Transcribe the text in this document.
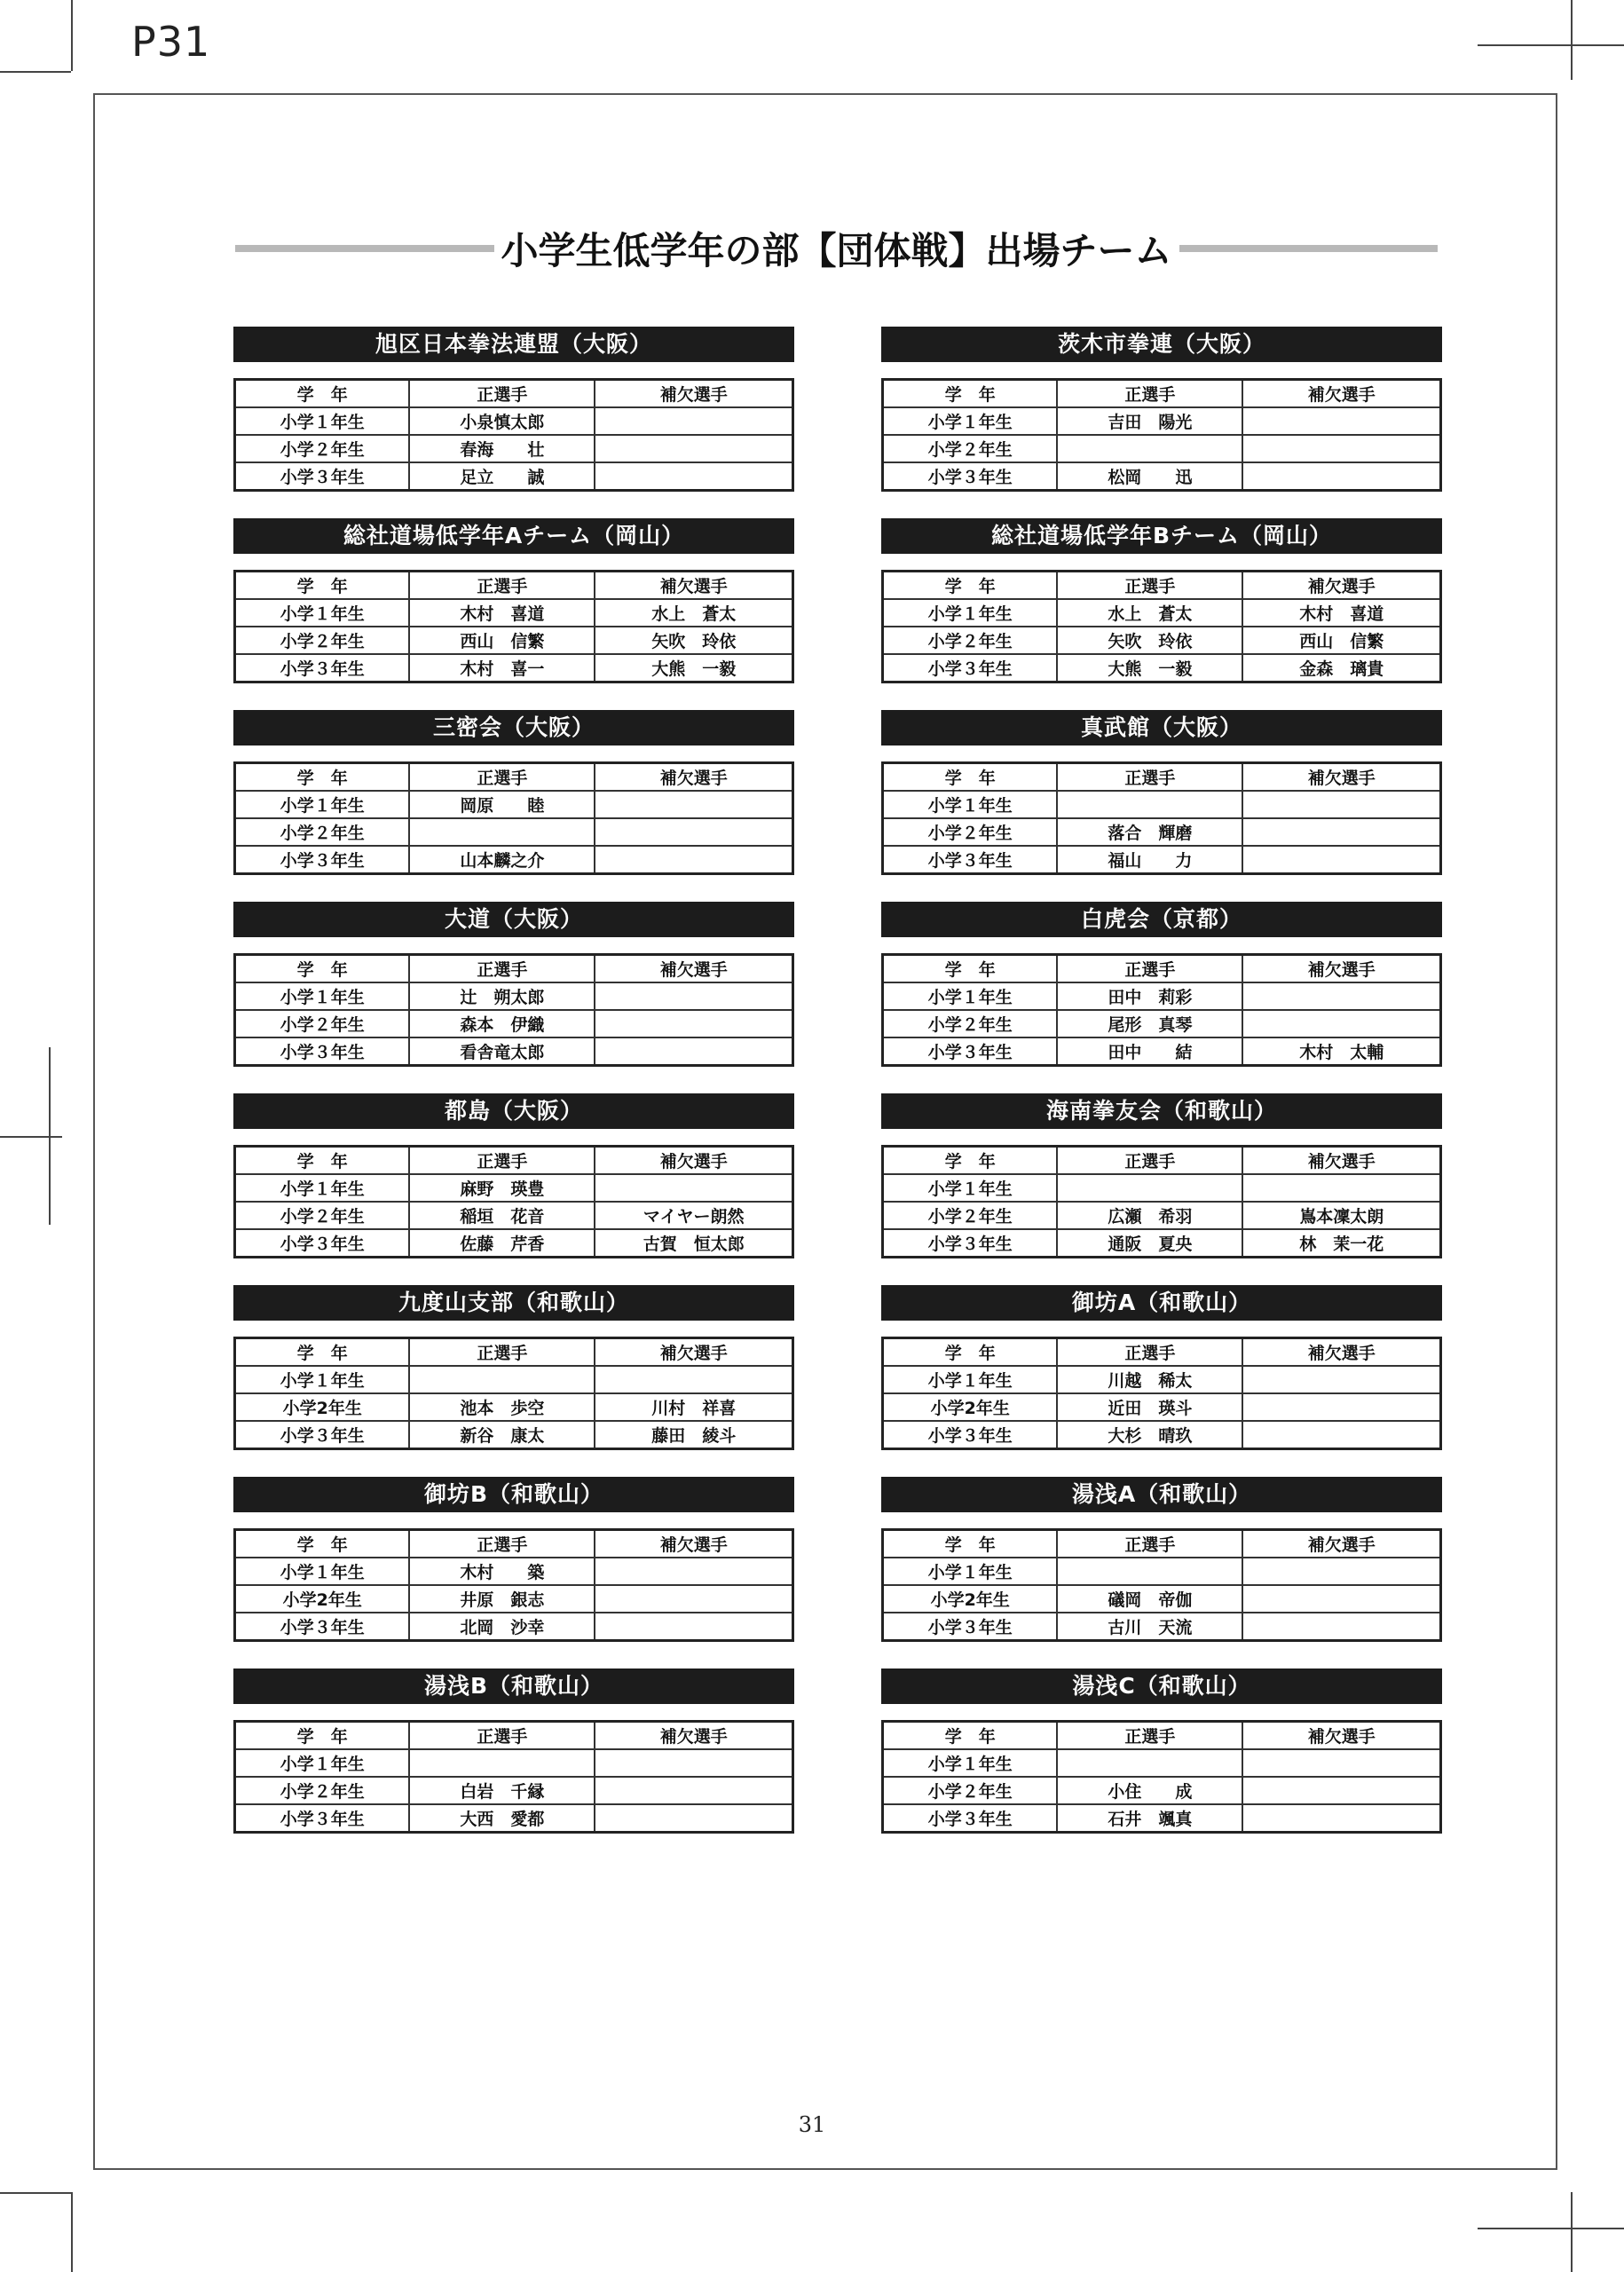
P31
小学生低学年の部【団体戦】出場チーム
旭区日本拳法連盟（大阪）
学　年	正選手	補欠選手
小学１年生	小泉慎太郎	
小学２年生	春海　　壮	
小学３年生	足立　　誠	
茨木市拳連（大阪）
学　年	正選手	補欠選手
小学１年生	吉田　陽光	
小学２年生		
小学３年生	松岡　　迅	
総社道場低学年Aチーム（岡山）
学　年	正選手	補欠選手
小学１年生	木村　喜道	水上　蒼太
小学２年生	西山　信繁	矢吹　玲依
小学３年生	木村　喜一	大熊　一毅
総社道場低学年Bチーム（岡山）
学　年	正選手	補欠選手
小学１年生	水上　蒼太	木村　喜道
小学２年生	矢吹　玲依	西山　信繁
小学３年生	大熊　一毅	金森　璃貴
三密会（大阪）
学　年	正選手	補欠選手
小学１年生	岡原　　睦	
小学２年生		
小学３年生	山本麟之介	
真武館（大阪）
学　年	正選手	補欠選手
小学１年生		
小学２年生	落合　輝磨	
小学３年生	福山　　力	
大道（大阪）
学　年	正選手	補欠選手
小学１年生	辻　朔太郎	
小学２年生	森本　伊織	
小学３年生	看舎竜太郎	
白虎会（京都）
学　年	正選手	補欠選手
小学１年生	田中　莉彩	
小学２年生	尾形　真琴	
小学３年生	田中　　結	木村　太輔
都島（大阪）
学　年	正選手	補欠選手
小学１年生	麻野　瑛豊	
小学２年生	稲垣　花音	マイヤー朗然
小学３年生	佐藤　芹香	古賀　恒太郎
海南拳友会（和歌山）
学　年	正選手	補欠選手
小学１年生		
小学２年生	広瀬　希羽	嶌本凜太朗
小学３年生	通阪　夏央	林　茉一花
九度山支部（和歌山）
学　年	正選手	補欠選手
小学１年生		
小学2年生	池本　歩空	川村　祥喜
小学３年生	新谷　康太	藤田　綾斗
御坊A（和歌山）
学　年	正選手	補欠選手
小学１年生	川越　稀太	
小学2年生	近田　瑛斗	
小学３年生	大杉　晴玖	
御坊B（和歌山）
学　年	正選手	補欠選手
小学１年生	木村　　築	
小学2年生	井原　銀志	
小学３年生	北岡　沙幸	
湯浅A（和歌山）
学　年	正選手	補欠選手
小学１年生		
小学2年生	礒岡　帝伽	
小学３年生	古川　天流	
湯浅B（和歌山）
学　年	正選手	補欠選手
小学１年生		
小学２年生	白岩　千縁	
小学３年生	大西　愛都	
湯浅C（和歌山）
学　年	正選手	補欠選手
小学１年生		
小学２年生	小住　　成	
小学３年生	石井　颯真	
31
